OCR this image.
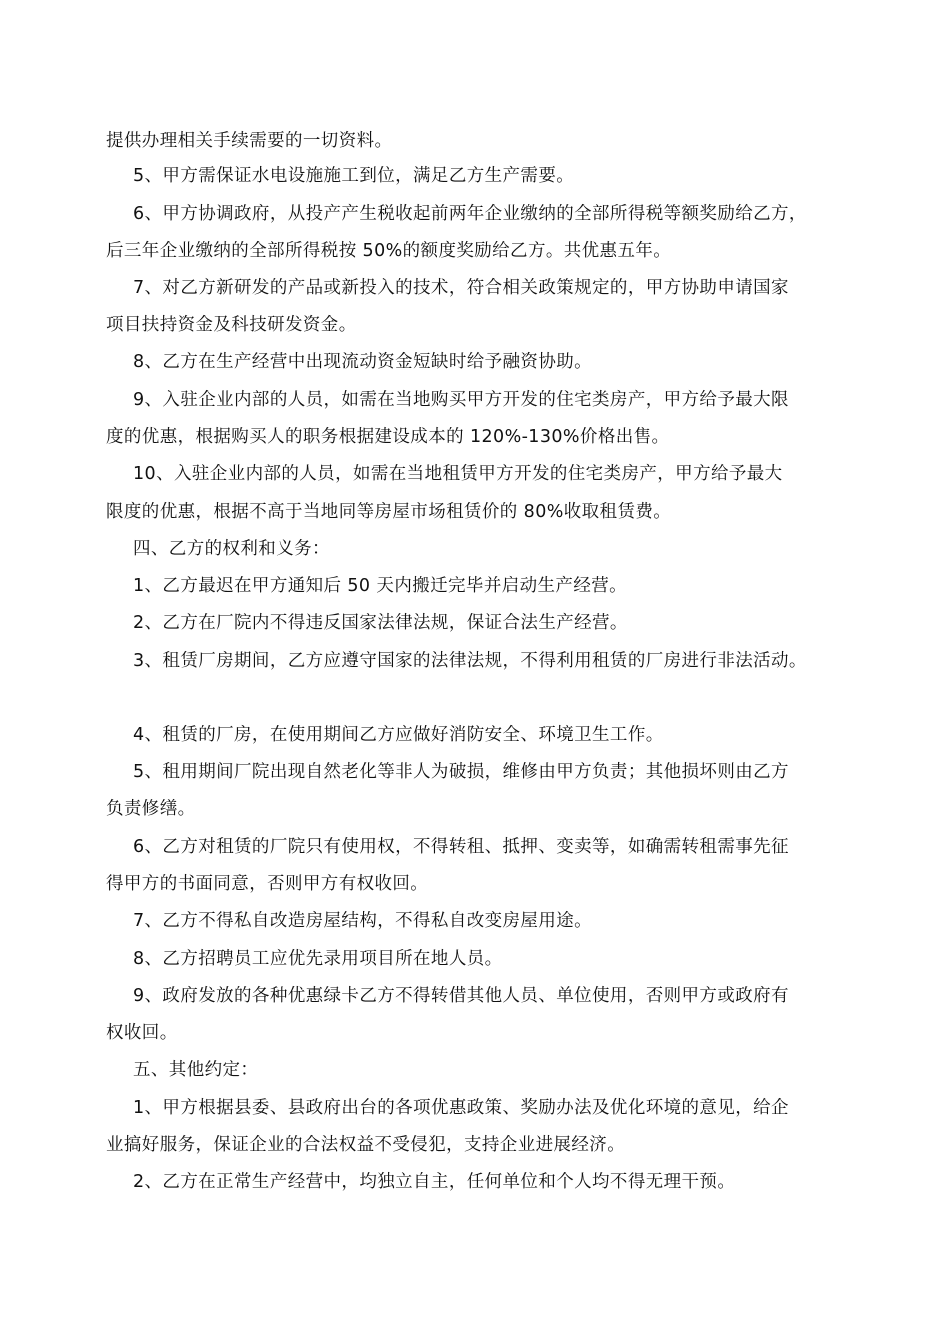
提供办理相关手续需要的一切资料。
5、甲方需保证水电设施施工到位，满足乙方生产需要。
6、甲方协调政府，从投产产生税收起前两年企业缴纳的全部所得税等额奖励给乙方，
后三年企业缴纳的全部所得税按 50%的额度奖励给乙方。共优惠五年。
7、对乙方新研发的产品或新投入的技术，符合相关政策规定的，甲方协助申请国家
项目扶持资金及科技研发资金。
8、乙方在生产经营中出现流动资金短缺时给予融资协助。
9、入驻企业内部的人员，如需在当地购买甲方开发的住宅类房产，甲方给予最大限
度的优惠，根据购买人的职务根据建设成本的 120%-130%价格出售。
10、入驻企业内部的人员，如需在当地租赁甲方开发的住宅类房产，甲方给予最大
限度的优惠，根据不高于当地同等房屋市场租赁价的 80%收取租赁费。
四、乙方的权利和义务：
1、乙方最迟在甲方通知后 50 天内搬迁完毕并启动生产经营。
2、乙方在厂院内不得违反国家法律法规，保证合法生产经营。
3、租赁厂房期间，乙方应遵守国家的法律法规，不得利用租赁的厂房进行非法活动。
4、租赁的厂房，在使用期间乙方应做好消防安全、环境卫生工作。
5、租用期间厂院出现自然老化等非人为破损，维修由甲方负责；其他损坏则由乙方
负责修缮。
6、乙方对租赁的厂院只有使用权，不得转租、抵押、变卖等，如确需转租需事先征
得甲方的书面同意，否则甲方有权收回。
7、乙方不得私自改造房屋结构，不得私自改变房屋用途。
8、乙方招聘员工应优先录用项目所在地人员。
9、政府发放的各种优惠绿卡乙方不得转借其他人员、单位使用，否则甲方或政府有
权收回。
五、其他约定：
1、甲方根据县委、县政府出台的各项优惠政策、奖励办法及优化环境的意见，给企
业搞好服务，保证企业的合法权益不受侵犯，支持企业进展经济。
2、乙方在正常生产经营中，均独立自主，任何单位和个人均不得无理干预。
